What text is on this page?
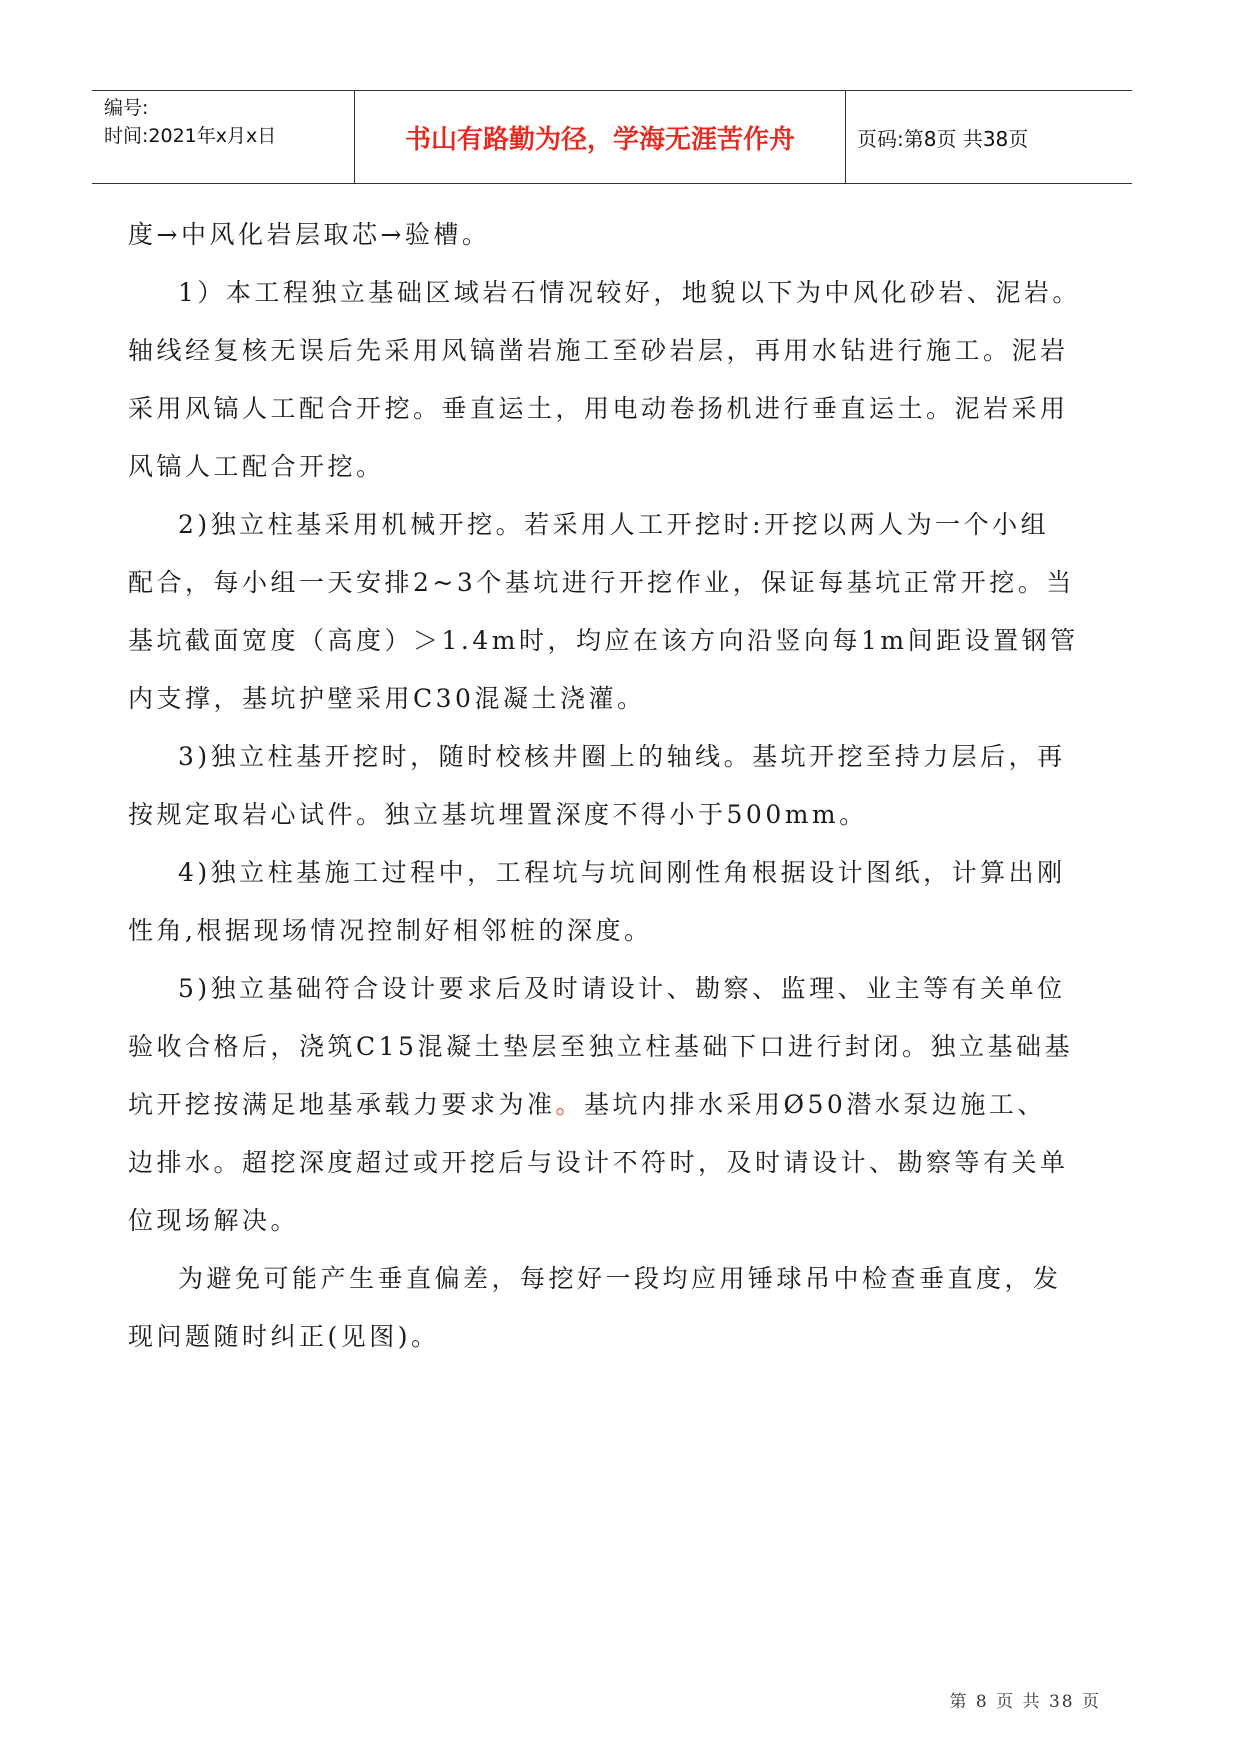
编号:
时间:2021年x月x日	书山有路勤为径，学海无涯苦作舟	页码:第8页 共38页
度→中风化岩层取芯→验槽。
1）本工程独立基础区域岩石情况较好，地貌以下为中风化砂岩、泥岩。
轴线经复核无误后先采用风镐凿岩施工至砂岩层，再用水钻进行施工。泥岩
采用风镐人工配合开挖。垂直运土，用电动卷扬机进行垂直运土。泥岩采用
风镐人工配合开挖。
2)独立柱基采用机械开挖。若采用人工开挖时:开挖以两人为一个小组
配合，每小组一天安排2~3个基坑进行开挖作业，保证每基坑正常开挖。当
基坑截面宽度（高度）＞1.4m时，均应在该方向沿竖向每1m间距设置钢管
内支撑，基坑护壁采用C30混凝土浇灌。
3)独立柱基开挖时，随时校核井圈上的轴线。基坑开挖至持力层后，再
按规定取岩心试件。独立基坑埋置深度不得小于500mm。
4)独立柱基施工过程中，工程坑与坑间刚性角根据设计图纸，计算出刚
性角,根据现场情况控制好相邻桩的深度。
5)独立基础符合设计要求后及时请设计、勘察、监理、业主等有关单位
验收合格后，浇筑C15混凝土垫层至独立柱基础下口进行封闭。独立基础基
坑开挖按满足地基承载力要求为准。基坑内排水采用Ø50潜水泵边施工、
边排水。超挖深度超过或开挖后与设计不符时，及时请设计、勘察等有关单
位现场解决。
为避免可能产生垂直偏差，每挖好一段均应用锤球吊中检查垂直度，发
现问题随时纠正(见图)。
第 8 页 共 38 页
